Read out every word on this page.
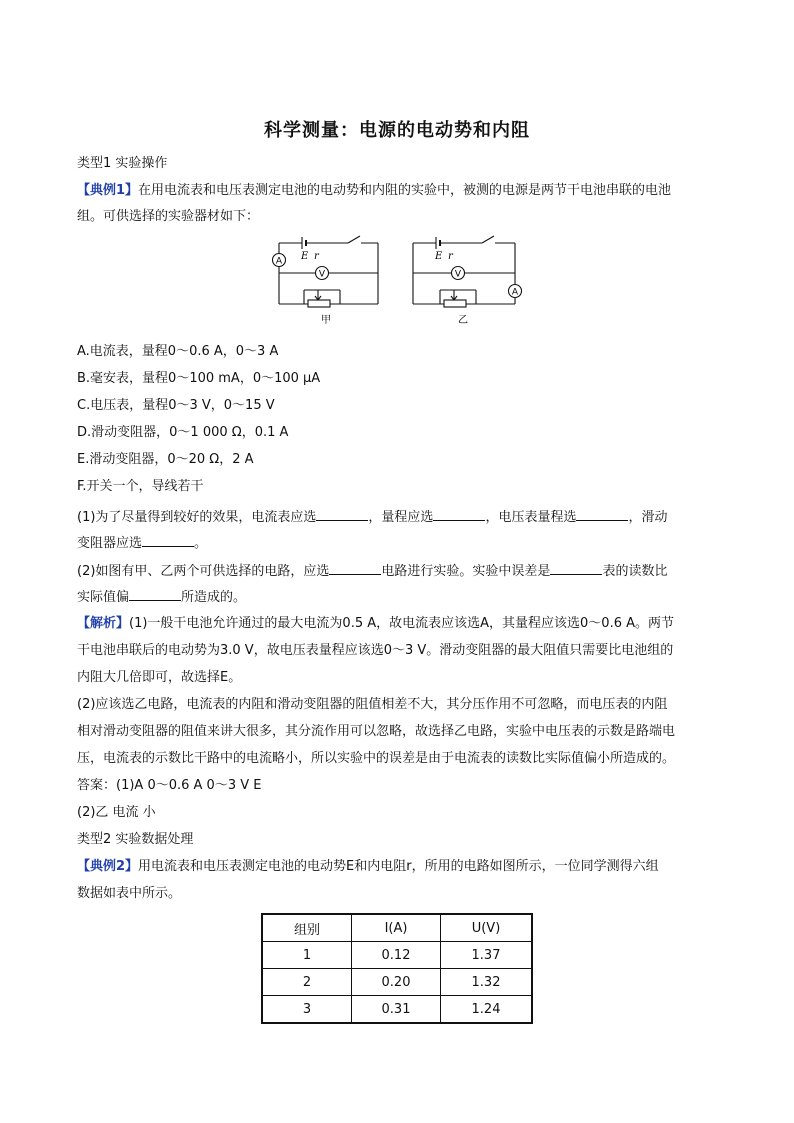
科学测量：电源的电动势和内阻
类型1 实验操作
【典例1】在用电流表和电压表测定电池的电动势和内阻的实验中，被测的电源是两节干电池串联的电池
组。可供选择的实验器材如下：
A
V
E r
甲
A
V
E r
乙
A.电流表，量程0～0.6 A，0～3 A
B.毫安表，量程0～100 mA，0～100 μA
C.电压表，量程0～3 V，0～15 V
D.滑动变阻器，0～1 000 Ω，0.1 A
E.滑动变阻器，0～20 Ω，2 A
F.开关一个，导线若干
(1)为了尽量得到较好的效果，电流表应选	，量程应选	，电压表量程选	，滑动
变阻器应选	。
(2)如图有甲、乙两个可供选择的电路，应选	电路进行实验。实验中误差是	表的读数比
实际值偏	所造成的。
【解析】(1)一般干电池允许通过的最大电流为0.5 A，故电流表应该选A，其量程应该选0～0.6 A。两节
干电池串联后的电动势为3.0 V，故电压表量程应该选0～3 V。滑动变阻器的最大阻值只需要比电池组的
内阻大几倍即可，故选择E。
(2)应该选乙电路，电流表的内阻和滑动变阻器的阻值相差不大，其分压作用不可忽略，而电压表的内阻
相对滑动变阻器的阻值来讲大很多，其分流作用可以忽略，故选择乙电路，实验中电压表的示数是路端电
压，电流表的示数比干路中的电流略小，所以实验中的误差是由于电流表的读数比实际值偏小所造成的。
答案：(1)A 0～0.6 A 0～3 V E
(2)乙 电流 小
类型2 实验数据处理
【典例2】用电流表和电压表测定电池的电动势E和内电阻r，所用的电路如图所示，一位同学测得六组
数据如表中所示。
组别	I(A)	U(V)
1	0.12	1.37
2	0.20	1.32
3	0.31	1.24
